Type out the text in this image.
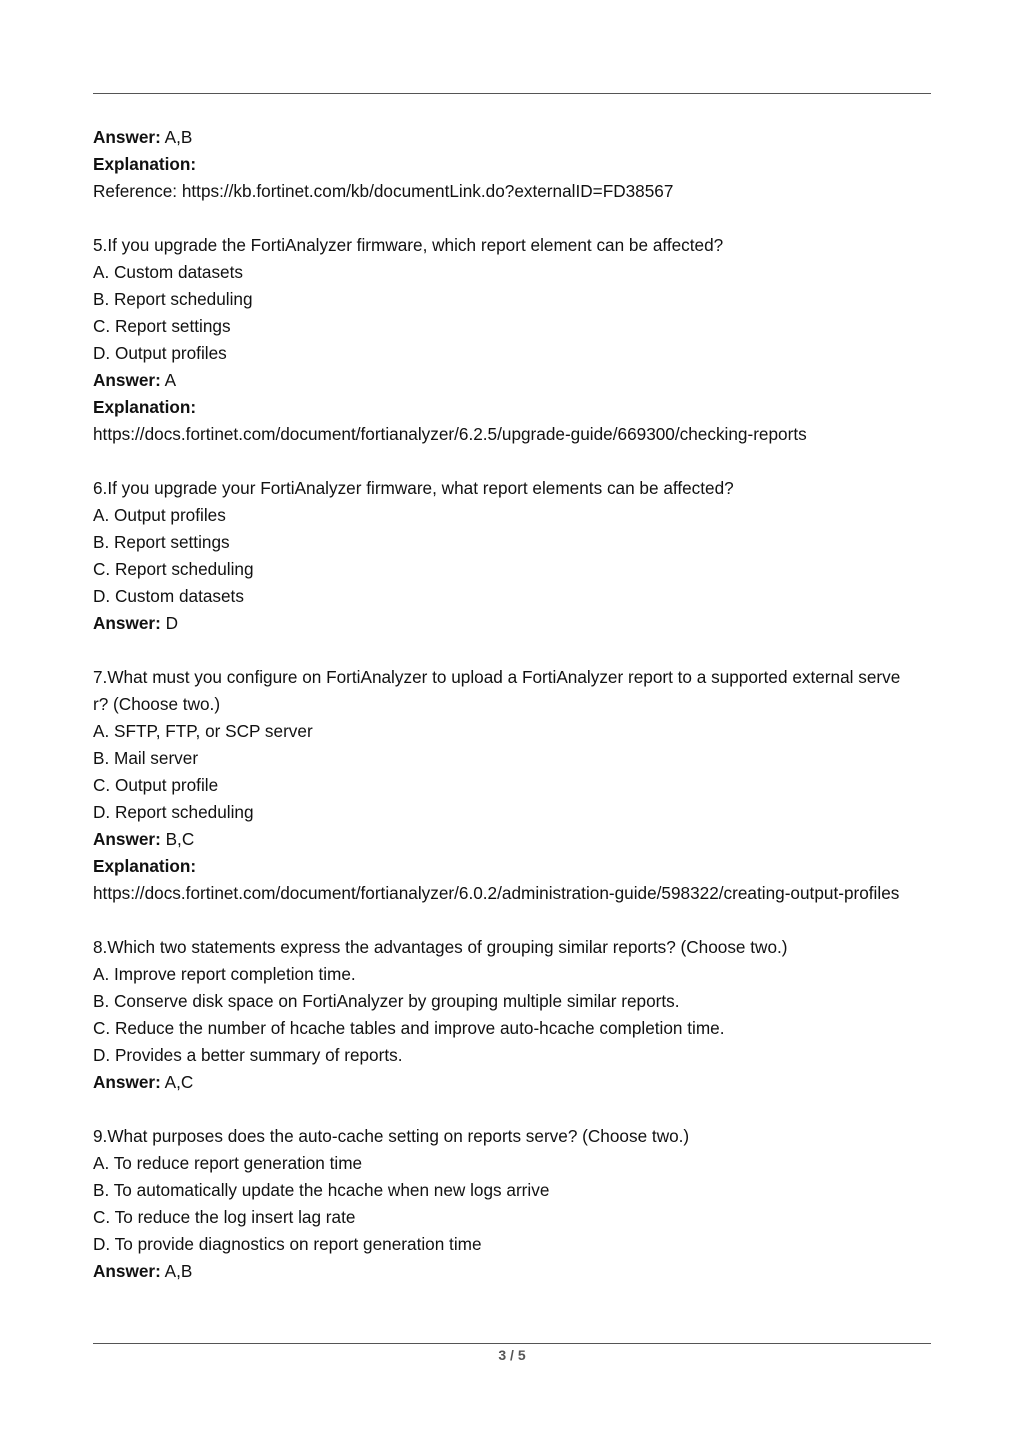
Answer: A,B
Explanation:
Reference: https://kb.fortinet.com/kb/documentLink.do?externalID=FD38567
5.If you upgrade the FortiAnalyzer firmware, which report element can be affected?
A. Custom datasets
B. Report scheduling
C. Report settings
D. Output profiles
Answer: A
Explanation:
https://docs.fortinet.com/document/fortianalyzer/6.2.5/upgrade-guide/669300/checking-reports
6.If you upgrade your FortiAnalyzer firmware, what report elements can be affected?
A. Output profiles
B. Report settings
C. Report scheduling
D. Custom datasets
Answer: D
7.What must you configure on FortiAnalyzer to upload a FortiAnalyzer report to a supported external server? (Choose two.)
A. SFTP, FTP, or SCP server
B. Mail server
C. Output profile
D. Report scheduling
Answer: B,C
Explanation:
https://docs.fortinet.com/document/fortianalyzer/6.0.2/administration-guide/598322/creating-output-profiles
8.Which two statements express the advantages of grouping similar reports? (Choose two.)
A. Improve report completion time.
B. Conserve disk space on FortiAnalyzer by grouping multiple similar reports.
C. Reduce the number of hcache tables and improve auto-hcache completion time.
D. Provides a better summary of reports.
Answer: A,C
9.What purposes does the auto-cache setting on reports serve? (Choose two.)
A. To reduce report generation time
B. To automatically update the hcache when new logs arrive
C. To reduce the log insert lag rate
D. To provide diagnostics on report generation time
Answer: A,B
3 / 5
